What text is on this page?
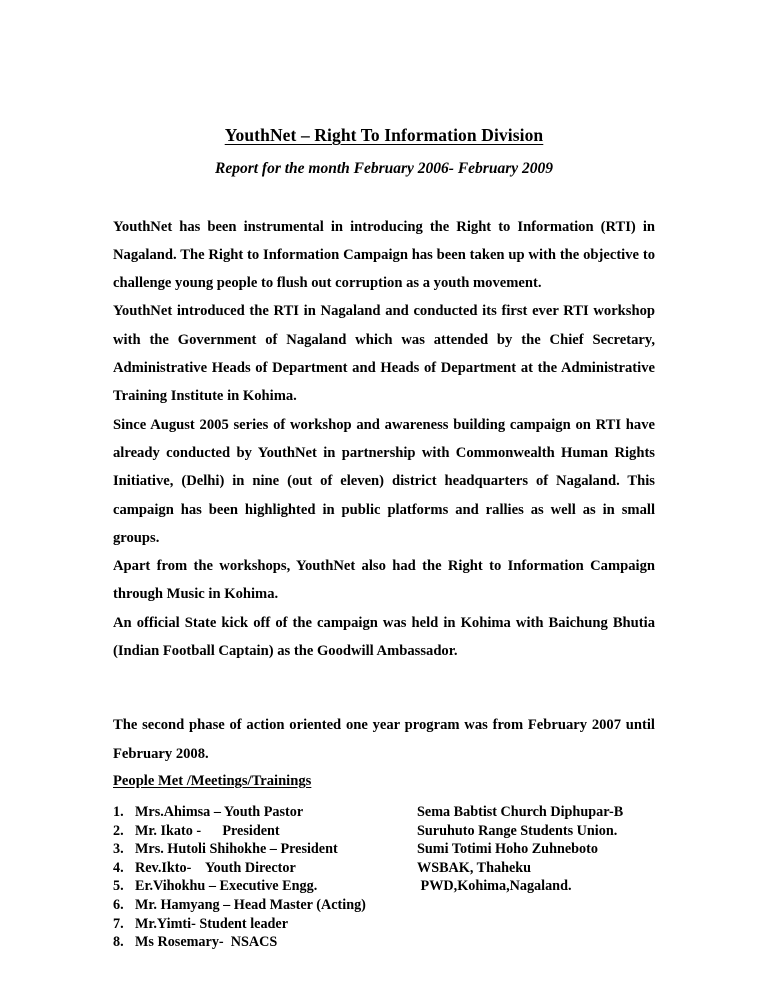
YouthNet – Right To Information Division
Report for the month February 2006- February 2009

YouthNet has been instrumental in introducing the Right to Information (RTI) in Nagaland. The Right to Information Campaign has been taken up with the objective to challenge young people to flush out corruption as a youth movement.

YouthNet introduced the RTI in Nagaland and conducted its first ever RTI workshop with the Government of Nagaland which was attended by the Chief Secretary, Administrative Heads of Department and Heads of Department at the Administrative Training Institute in Kohima.

Since August 2005 series of workshop and awareness building campaign on RTI have already conducted by YouthNet in partnership with Commonwealth Human Rights Initiative, (Delhi) in nine (out of eleven) district headquarters of Nagaland. This campaign has been highlighted in public platforms and rallies as well as in small groups.

Apart from the workshops, YouthNet also had the Right to Information Campaign through Music in Kohima.

An official State kick off of the campaign was held in Kohima with Baichung Bhutia (Indian Football Captain) as the Goodwill Ambassador.

The second phase of action oriented one year program was from February 2007 until February 2008.

People Met /Meetings/Trainings
1. Mrs.Ahimsa – Youth Pastor	Sema Babtist Church Diphupar-B
2. Mr. Ikato -      President	Suruhuto Range Students Union.
3. Mrs. Hutoli Shihokhe – President	Sumi Totimi Hoho Zuhneboto
4. Rev.Ikto-    Youth Director	WSBAK, Thaheku
5. Er.Vihokhu – Executive Engg.	PWD,Kohima,Nagaland.
6. Mr. Hamyang – Head Master (Acting)
7. Mr.Yimti- Student leader
8. Ms Rosemary-  NSACS
